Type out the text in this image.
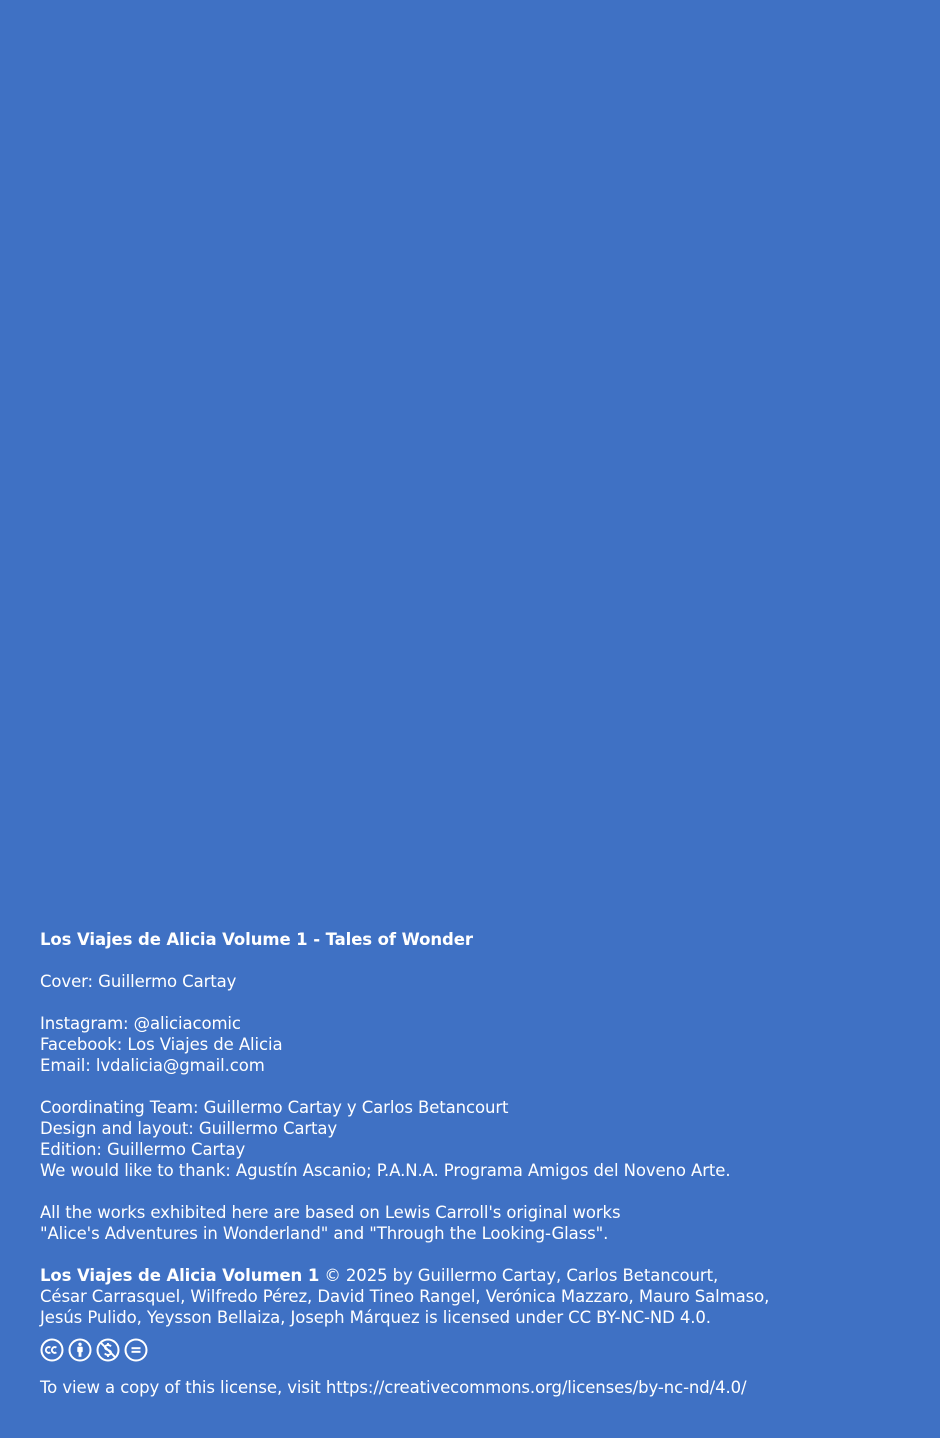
Los Viajes de Alicia Volume 1 - Tales of Wonder
Cover: Guillermo Cartay
Instagram: @aliciacomic
Facebook: Los Viajes de Alicia
Email: lvdalicia@gmail.com
Coordinating Team: Guillermo Cartay y Carlos Betancourt
Design and layout: Guillermo Cartay
Edition: Guillermo Cartay
We would like to thank: Agustín Ascanio; P.A.N.A. Programa Amigos del Noveno Arte.
All the works exhibited here are based on Lewis Carroll's original works
"Alice's Adventures in Wonderland" and "Through the Looking-Glass".
Los Viajes de Alicia Volumen 1 © 2025 by Guillermo Cartay, Carlos Betancourt,
César Carrasquel, Wilfredo Pérez, David Tineo Rangel, Verónica Mazzaro, Mauro Salmaso,
Jesús Pulido, Yeysson Bellaiza, Joseph Márquez is licensed under CC BY-NC-ND 4.0.
To view a copy of this license, visit https://creativecommons.org/licenses/by-nc-nd/4.0/
